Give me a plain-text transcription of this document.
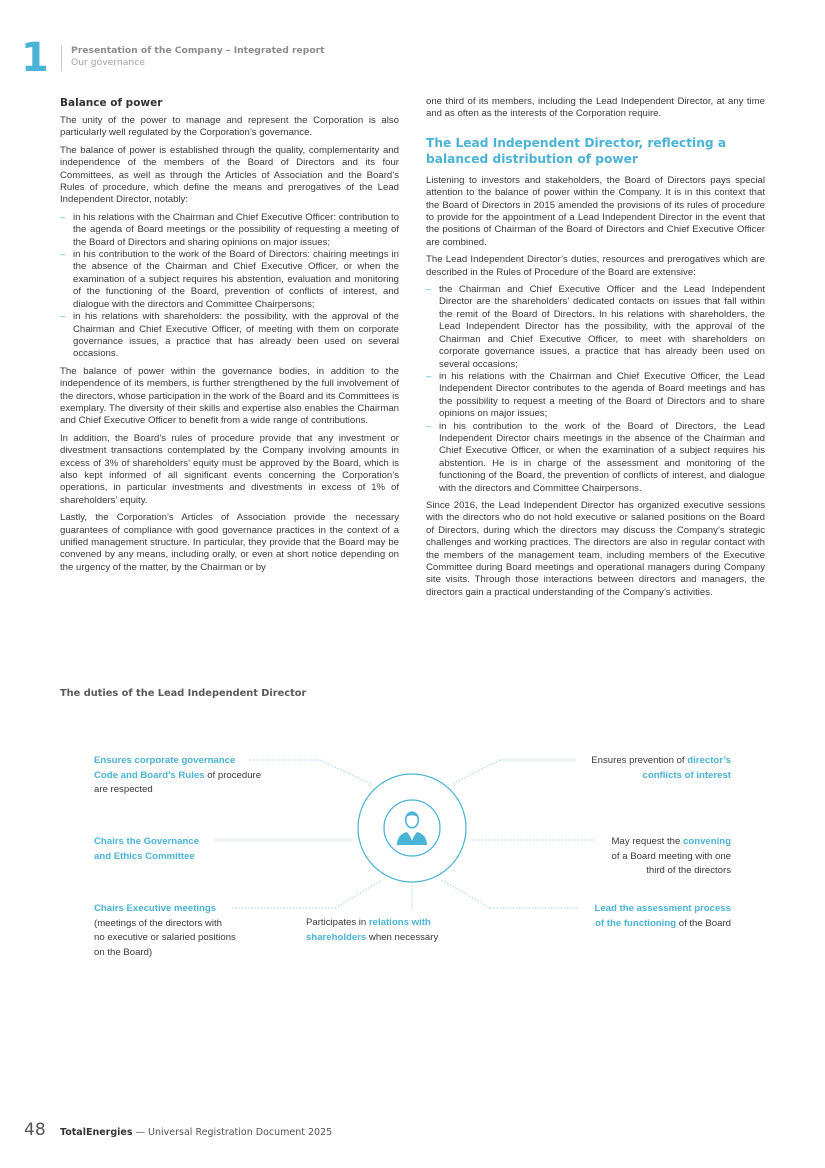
1 Presentation of the Company – Integrated report
Our governance
Balance of power

The unity of the power to manage and represent the Corporation is also particularly well regulated by the Corporation’s governance.

The balance of power is established through the quality, complementarity and independence of the members of the Board of Directors and its four Committees, as well as through the Articles of Association and the Board’s Rules of procedure, which define the means and prerogatives of the Lead Independent Director, notably:

– in his relations with the Chairman and Chief Executive Officer: contribution to the agenda of Board meetings or the possibility of requesting a meeting of the Board of Directors and sharing opinions on major issues;
– in his contribution to the work of the Board of Directors: chairing meetings in the absence of the Chairman and Chief Executive Officer, or when the examination of a subject requires his abstention, evaluation and monitoring of the functioning of the Board, prevention of conflicts of interest, and dialogue with the directors and Committee Chairpersons;
– in his relations with shareholders: the possibility, with the approval of the Chairman and Chief Executive Officer, of meeting with them on corporate governance issues, a practice that has already been used on several occasions.

The balance of power within the governance bodies, in addition to the independence of its members, is further strengthened by the full involvement of the directors, whose participation in the work of the Board and its Committees is exemplary. The diversity of their skills and expertise also enables the Chairman and Chief Executive Officer to benefit from a wide range of contributions.

In addition, the Board’s rules of procedure provide that any investment or divestment transactions contemplated by the Company involving amounts in excess of 3% of shareholders’ equity must be approved by the Board, which is also kept informed of all significant events concerning the Corporation’s operations, in particular investments and divestments in excess of 1% of shareholders’ equity.

Lastly, the Corporation’s Articles of Association provide the necessary guarantees of compliance with good governance practices in the context of a unified management structure. In particular, they provide that the Board may be convened by any means, including orally, or even at short notice depending on the urgency of the matter, by the Chairman or by

one third of its members, including the Lead Independent Director, at any time and as often as the interests of the Corporation require.

The Lead Independent Director, reflecting a balanced distribution of power

Listening to investors and stakeholders, the Board of Directors pays special attention to the balance of power within the Company. It is in this context that the Board of Directors in 2015 amended the provisions of its rules of procedure to provide for the appointment of a Lead Independent Director in the event that the positions of Chairman of the Board of Directors and Chief Executive Officer are combined.

The Lead Independent Director’s duties, resources and prerogatives which are described in the Rules of Procedure of the Board are extensive:

– the Chairman and Chief Executive Officer and the Lead Independent Director are the shareholders’ dedicated contacts on issues that fall within the remit of the Board of Directors. In his relations with shareholders, the Lead Independent Director has the possibility, with the approval of the Chairman and Chief Executive Officer, to meet with shareholders on corporate governance issues, a practice that has already been used on several occasions;
– in his relations with the Chairman and Chief Executive Officer, the Lead Independent Director contributes to the agenda of Board meetings and has the possibility to request a meeting of the Board of Directors and to share opinions on major issues;
– in his contribution to the work of the Board of Directors, the Lead Independent Director chairs meetings in the absence of the Chairman and Chief Executive Officer, or when the examination of a subject requires his abstention. He is in charge of the assessment and monitoring of the functioning of the Board, the prevention of conflicts of interest, and dialogue with the directors and Committee Chairpersons.

Since 2016, the Lead Independent Director has organized executive sessions with the directors who do not hold executive or salaried positions on the Board of Directors, during which the directors may discuss the Company’s strategic challenges and working practices. The directors are also in regular contact with the members of the management team, including members of the Executive Committee during Board meetings and operational managers during Company site visits. Through those interactions between directors and managers, the directors gain a practical understanding of the Company’s activities.

The duties of the Lead Independent Director
Ensures corporate governance
Code and Board’s Rules of procedure
are respected
Chairs the Governance
and Ethics Committee
Chairs Executive meetings
(meetings of the directors with
no executive or salaried positions
on the Board)
Participates in relations with
shareholders when necessary
Ensures prevention of director’s
conflicts of interest
May request the convening
of a Board meeting with one
third of the directors
Lead the assessment process
of the functioning of the Board
48 TotalEnergies — Universal Registration Document 2025
